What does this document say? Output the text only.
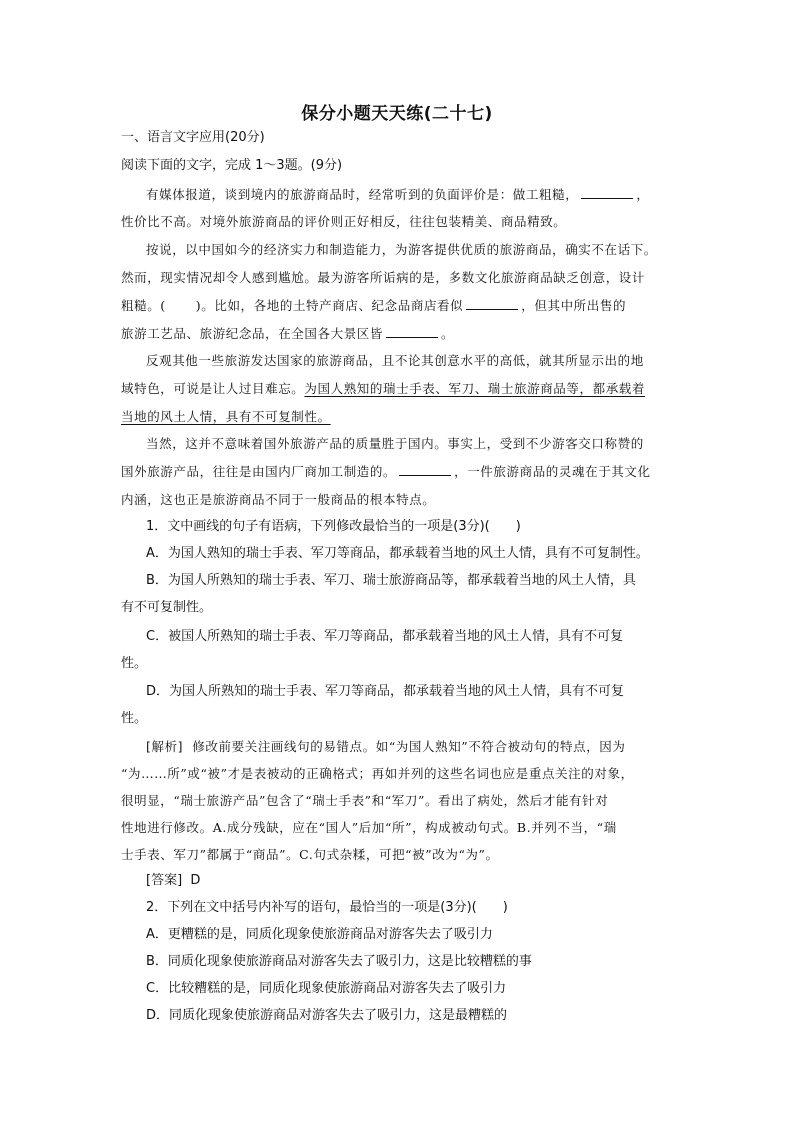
保分小题天天练(二十七)
一、语言文字应用(20分)
阅读下面的文字，完成 1～3题。(9分)
有媒体报道，谈到境内的旅游商品时，经常听到的负面评价是：做工粗糙，	，
性价比不高。对境外旅游商品的评价则正好相反，往往包装精美、商品精致。
按说，以中国如今的经济实力和制造能力，为游客提供优质的旅游商品，确实不在话下。
然而，现实情况却令人感到尴尬。最为游客所诟病的是，多数文化旅游商品缺乏创意，设计
粗糙。( )。比如，各地的土特产商店、纪念品商店看似	，但其中所出售的
旅游工艺品、旅游纪念品，在全国各大景区皆	。
反观其他一些旅游发达国家的旅游商品，且不论其创意水平的高低，就其所显示出的地
域特色，可说是让人过目难忘。为国人熟知的瑞士手表、军刀、瑞士旅游商品等，都承载着
当地的风土人情，具有不可复制性。
当然，这并不意味着国外旅游产品的质量胜于国内。事实上，受到不少游客交口称赞的
国外旅游产品，往往是由国内厂商加工制造的。	，一件旅游商品的灵魂在于其文化
内涵，这也正是旅游商品不同于一般商品的根本特点。
1．文中画线的句子有语病，下列修改最恰当的一项是(3分)(　　)
A．为国人熟知的瑞士手表、军刀等商品，都承载着当地的风土人情，具有不可复制性。
B．为国人所熟知的瑞士手表、军刀、瑞士旅游商品等，都承载着当地的风土人情，具
有不可复制性。
C．被国人所熟知的瑞士手表、军刀等商品，都承载着当地的风土人情，具有不可复
性。
D．为国人所熟知的瑞士手表、军刀等商品，都承载着当地的风土人情，具有不可复
性。
[解析] 修改前要关注画线句的易错点。如“为国人熟知”不符合被动句的特点，因为
“为……所”或“被”才是表被动的正确格式；再如并列的这些名词也应是重点关注的对象，
很明显，“瑞士旅游产品”包含了“瑞士手表”和“军刀”。看出了病处，然后才能有针对
性地进行修改。A.成分残缺，应在“国人”后加“所”，构成被动句式。B.并列不当，“瑞
士手表、军刀”都属于“商品”。C.句式杂糅，可把“被”改为“为”。
[答案] D
2．下列在文中括号内补写的语句，最恰当的一项是(3分)(　　)
A．更糟糕的是，同质化现象使旅游商品对游客失去了吸引力
B．同质化现象使旅游商品对游客失去了吸引力，这是比较糟糕的事
C．比较糟糕的是，同质化现象使旅游商品对游客失去了吸引力
D．同质化现象使旅游商品对游客失去了吸引力，这是最糟糕的
